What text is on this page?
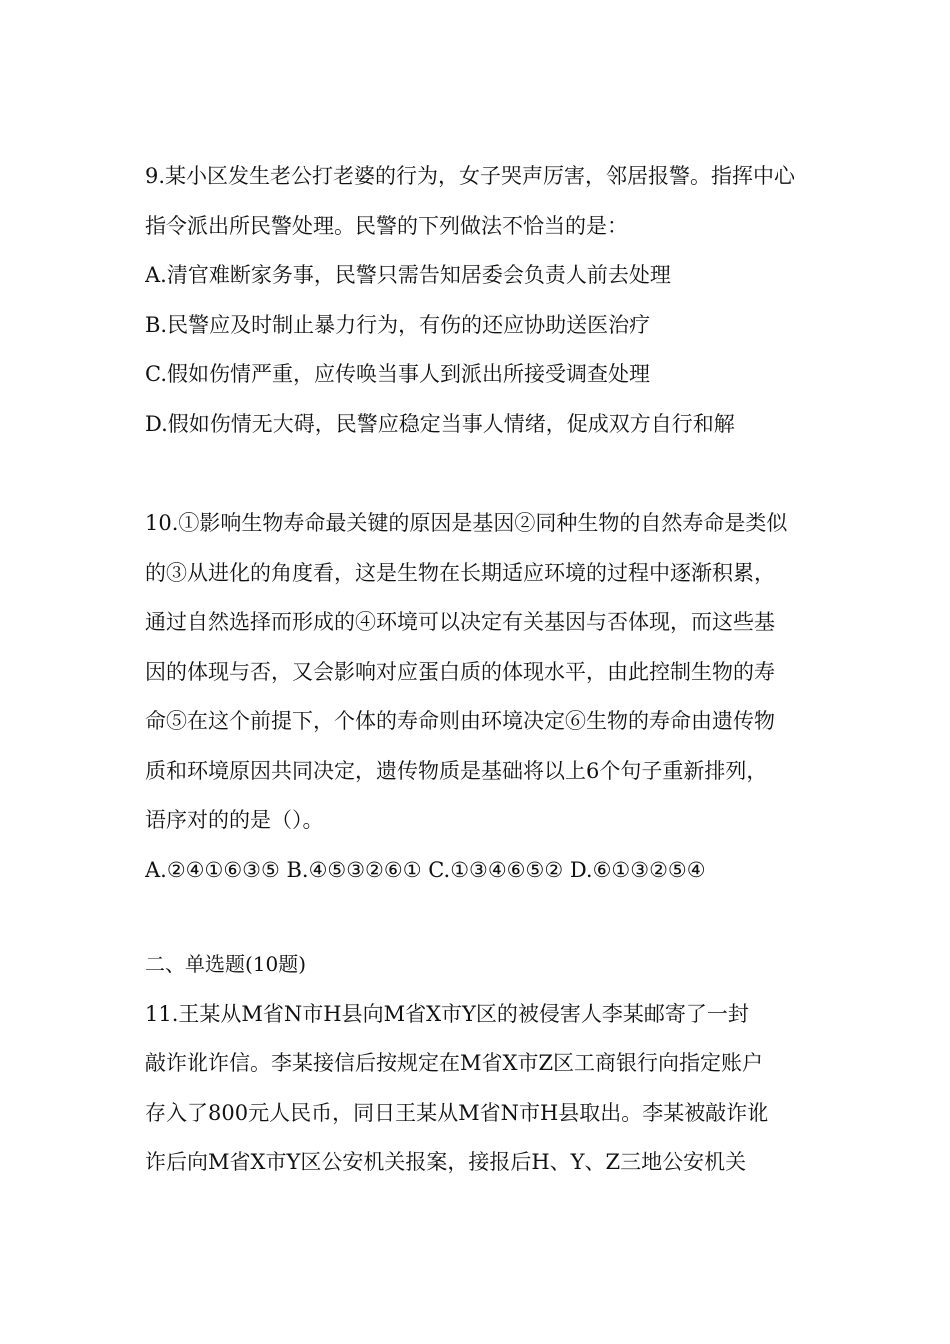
9.某小区发生老公打老婆的行为，女子哭声厉害，邻居报警。指挥中心
指令派出所民警处理。民警的下列做法不恰当的是：
A.清官难断家务事，民警只需告知居委会负责人前去处理
B.民警应及时制止暴力行为，有伤的还应协助送医治疗
C.假如伤情严重，应传唤当事人到派出所接受调查处理
D.假如伤情无大碍，民警应稳定当事人情绪，促成双方自行和解
10.①影响生物寿命最关键的原因是基因②同种生物的自然寿命是类似
的③从进化的角度看，这是生物在长期适应环境的过程中逐渐积累，
通过自然选择而形成的④环境可以决定有关基因与否体现，而这些基
因的体现与否，又会影响对应蛋白质的体现水平，由此控制生物的寿
命⑤在这个前提下，个体的寿命则由环境决定⑥生物的寿命由遗传物
质和环境原因共同决定，遗传物质是基础将以上6个句子重新排列，
语序对的的是（）。
A.②④①⑥③⑤ B.④⑤③②⑥① C.①③④⑥⑤② D.⑥①③②⑤④
二、单选题(10题)
11.王某从M省N市H县向M省X市Y区的被侵害人李某邮寄了一封
敲诈讹诈信。李某接信后按规定在M省X市Z区工商银行向指定账户
存入了800元人民币，同日王某从M省N市H县取出。李某被敲诈讹
诈后向M省X市Y区公安机关报案，接报后H、Y、Z三地公安机关
